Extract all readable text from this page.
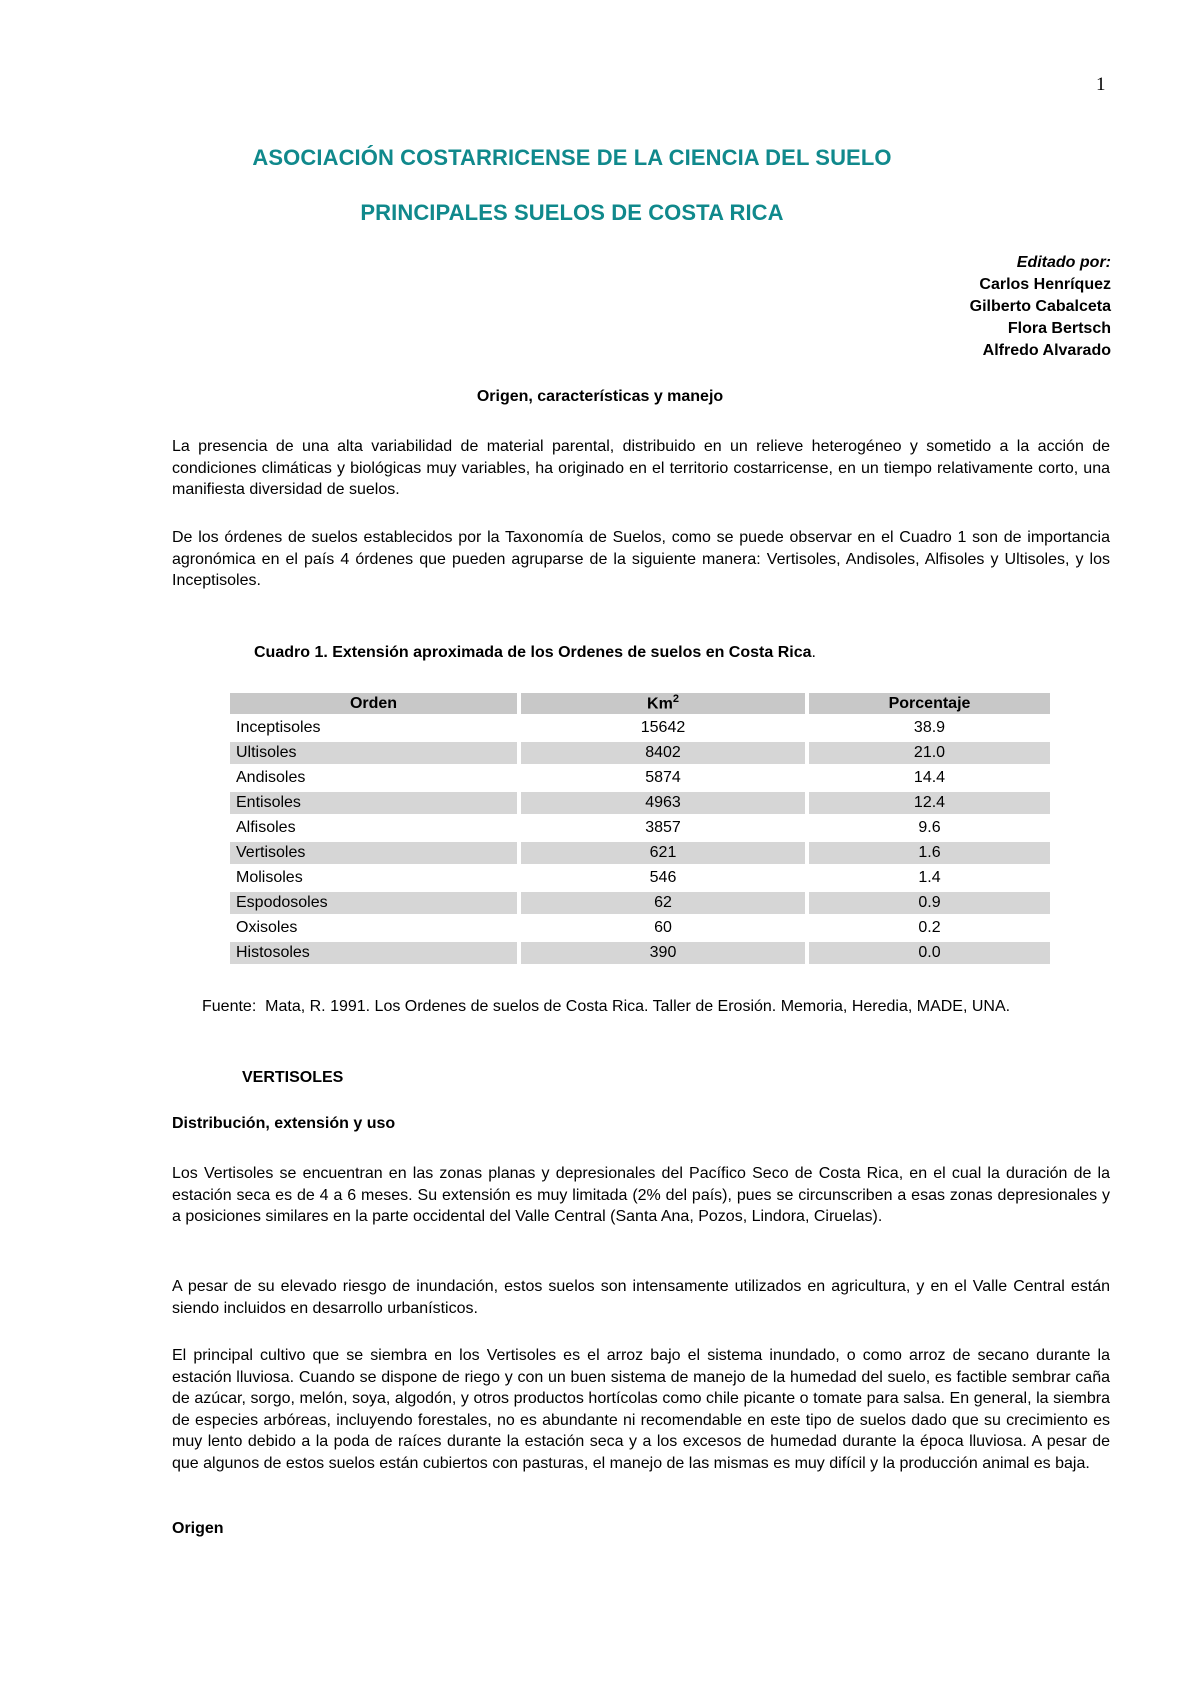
1
ASOCIACIÓN COSTARRICENSE DE LA CIENCIA DEL SUELO
PRINCIPALES SUELOS DE COSTA RICA
Editado por:
Carlos Henríquez
Gilberto Cabalceta
Flora Bertsch
Alfredo Alvarado
Origen, características y manejo
La presencia de una alta variabilidad de material parental, distribuido en un relieve heterogéneo y sometido a la acción de condiciones climáticas y biológicas muy variables, ha originado en el territorio costarricense, en un tiempo relativamente corto, una manifiesta diversidad de suelos.
De los órdenes de suelos establecidos por la Taxonomía de Suelos, como se puede observar en el Cuadro 1 son de importancia agronómica en el país 4 órdenes que pueden agruparse de la siguiente manera: Vertisoles, Andisoles, Alfisoles y Ultisoles, y los Inceptisoles.
Cuadro 1. Extensión aproximada de los Ordenes de suelos en Costa Rica.
Orden	Km$^2$	Porcentaje
Inceptisoles	15642	38.9
Ultisoles	8402	21.0
Andisoles	5874	14.4
Entisoles	4963	12.4
Alfisoles	3857	9.6
Vertisoles	621	1.6
Molisoles	546	1.4
Espodosoles	62	0.9
Oxisoles	60	0.2
Histosoles	390	0.0
Fuente: Mata, R. 1991. Los Ordenes de suelos de Costa Rica. Taller de Erosión. Memoria, Heredia, MADE, UNA.
VERTISOLES
Distribución, extensión y uso
Los Vertisoles se encuentran en las zonas planas y depresionales del Pacífico Seco de Costa Rica, en el cual la duración de la estación seca es de 4 a 6 meses. Su extensión es muy limitada (2% del país), pues se circunscriben a esas zonas depresionales y a posiciones similares en la parte occidental del Valle Central (Santa Ana, Pozos, Lindora, Ciruelas).
A pesar de su elevado riesgo de inundación, estos suelos son intensamente utilizados en agricultura, y en el Valle Central están siendo incluidos en desarrollo urbanísticos.
El principal cultivo que se siembra en los Vertisoles es el arroz bajo el sistema inundado, o como arroz de secano durante la estación lluviosa. Cuando se dispone de riego y con un buen sistema de manejo de la humedad del suelo, es factible sembrar caña de azúcar, sorgo, melón, soya, algodón, y otros productos hortícolas como chile picante o tomate para salsa. En general, la siembra de especies arbóreas, incluyendo forestales, no es abundante ni recomendable en este tipo de suelos dado que su crecimiento es muy lento debido a la poda de raíces durante la estación seca y a los excesos de humedad durante la época lluviosa. A pesar de que algunos de estos suelos están cubiertos con pasturas, el manejo de las mismas es muy difícil y la producción animal es baja.
Origen
